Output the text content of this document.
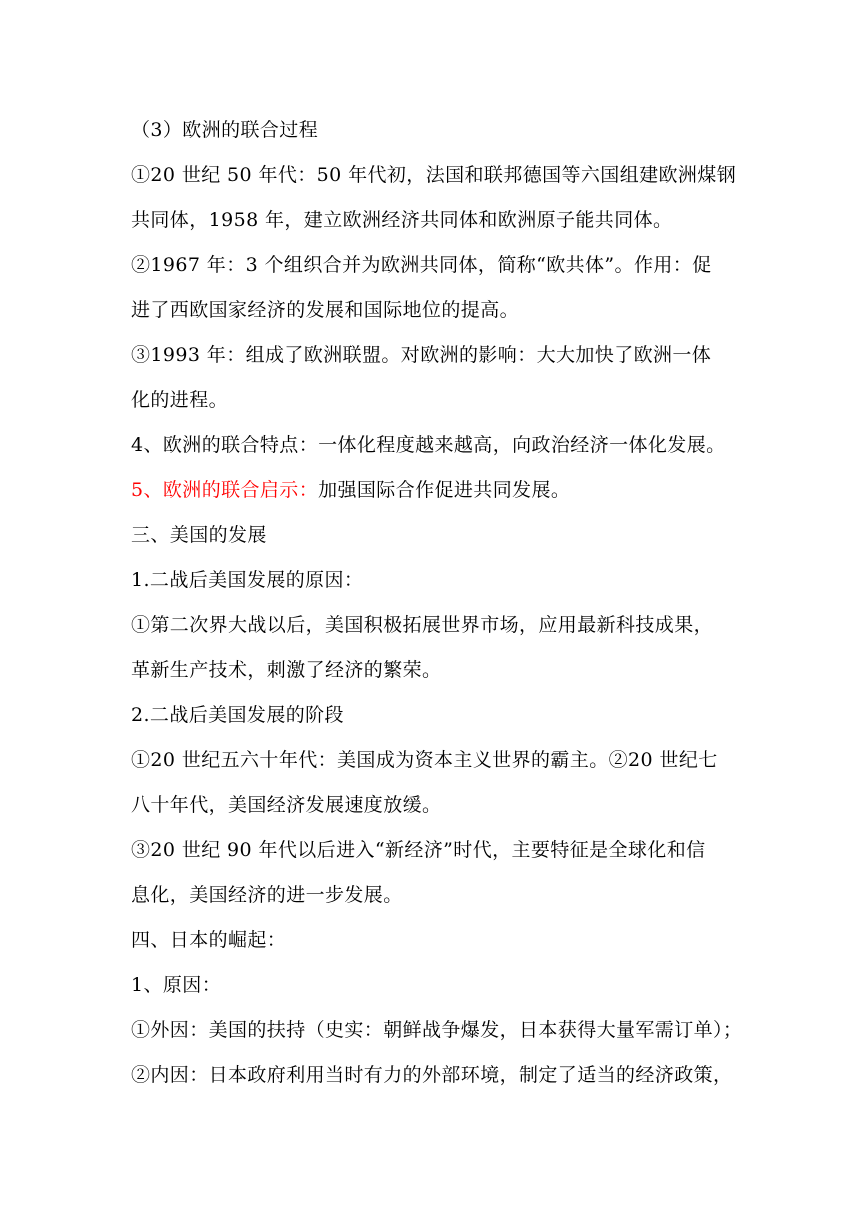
（3）欧洲的联合过程
①20 世纪 50 年代：50 年代初，法国和联邦德国等六国组建欧洲煤钢
共同体，1958 年，建立欧洲经济共同体和欧洲原子能共同体。
②1967 年：3 个组织合并为欧洲共同体，简称“欧共体”。作用：促
进了西欧国家经济的发展和国际地位的提高。
③1993 年：组成了欧洲联盟。对欧洲的影响：大大加快了欧洲一体
化的进程。
4、欧洲的联合特点：一体化程度越来越高，向政治经济一体化发展。
5、欧洲的联合启示：加强国际合作促进共同发展。
三、美国的发展
1.二战后美国发展的原因：
①第二次界大战以后，美国积极拓展世界市场，应用最新科技成果，
革新生产技术，刺激了经济的繁荣。
2.二战后美国发展的阶段
①20 世纪五六十年代：美国成为资本主义世界的霸主。②20 世纪七
八十年代，美国经济发展速度放缓。
③20 世纪 90 年代以后进入“新经济”时代，主要特征是全球化和信
息化，美国经济的进一步发展。
四、日本的崛起：
1、原因：
①外因：美国的扶持（史实：朝鲜战争爆发，日本获得大量军需订单）；
②内因：日本政府利用当时有力的外部环境，制定了适当的经济政策，
